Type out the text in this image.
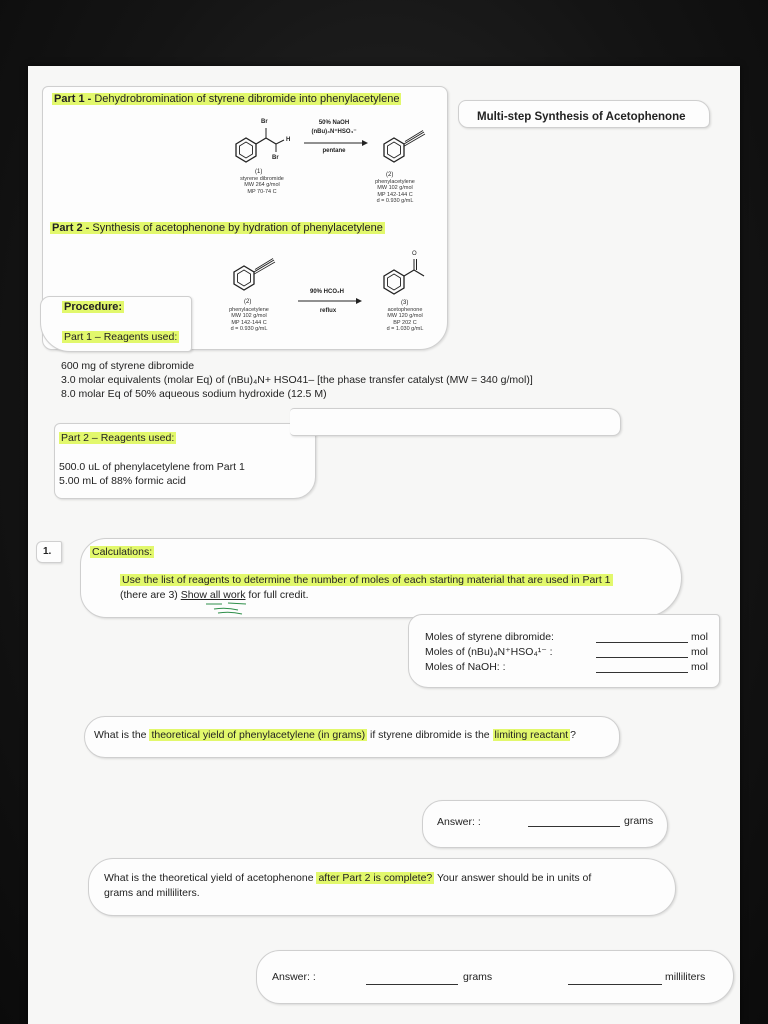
Multi-step Synthesis of Acetophenone
Part 1 - Dehydrobromination of styrene dibromide into phenylacetylene
Br
H
Br
(1)
styrene dibromide
MW 264 g/mol
MP 70-74 C
50% NaOH
(nBu)₄N⁺HSO₄⁻
pentane
(2)
phenylacetylene
MW 102 g/mol
MP 142-144 C
d = 0.930 g/mL
Part 2 - Synthesis of acetophenone by hydration of phenylacetylene
(2)
phenylacetylene
MW 102 g/mol
MP 142-144 C
d = 0.930 g/mL
90% HCO₂H
reflux
O
(3)
acetophenone
MW 120 g/mol
BP 202 C
d = 1.030 g/mL
Procedure:
Part 1 – Reagents used:
600 mg of styrene dibromide
3.0 molar equivalents (molar Eq) of (nBu)₄N+ HSO41– [the phase transfer catalyst (MW = 340 g/mol)]
8.0 molar Eq of 50% aqueous sodium hydroxide (12.5 M)
Part 2 – Reagents used:
500.0 uL of phenylacetylene from Part 1
5.00 mL of 88% formic acid
1.	Calculations:
Use the list of reagents to determine the number of moles of each starting material that are used in Part 1
(there are 3) Show all work for full credit.
Moles of styrene dibromide:	mol
Moles of (nBu)₄N⁺HSO₄¹⁻ :	mol
Moles of NaOH: :	mol
What is the theoretical yield of phenylacetylene (in grams) if styrene dibromide is the limiting reactant ?
Answer: :	grams
What is the theoretical yield of acetophenone after Part 2 is complete? Your answer should be in units of
grams and milliliters.
Answer: :	grams	milliliters
